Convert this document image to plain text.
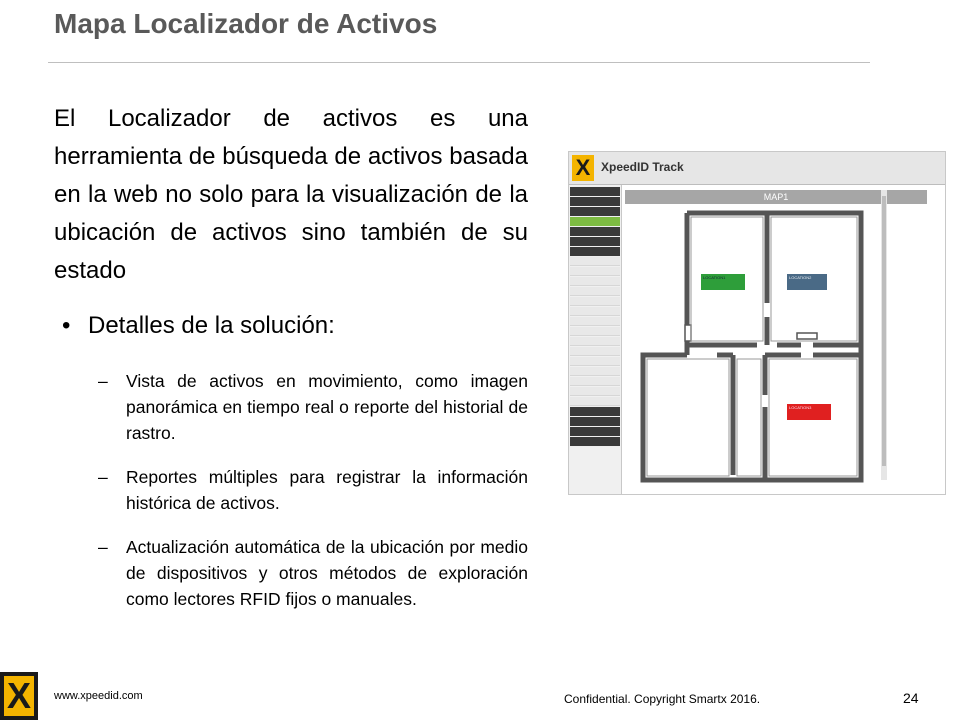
Mapa Localizador de Activos
El Localizador de activos es una herramienta de búsqueda de activos basada en la web no solo para la visualización de la ubicación de activos sino también de su estado
• Detalles de la solución:
– Vista de activos en movimiento, como imagen panorámica en tiempo real o reporte del historial de rastro.
– Reportes múltiples para registrar la información histórica de activos.
– Actualización automática de la ubicación por medio de dispositivos y otros métodos de exploración como lectores RFID fijos o manuales.
X XpeedID Track
MAP1
LOCATION1	LOCATION2
LOCATION3
X www.xpeedid.com	Confidential. Copyright Smartx 2016.	24
